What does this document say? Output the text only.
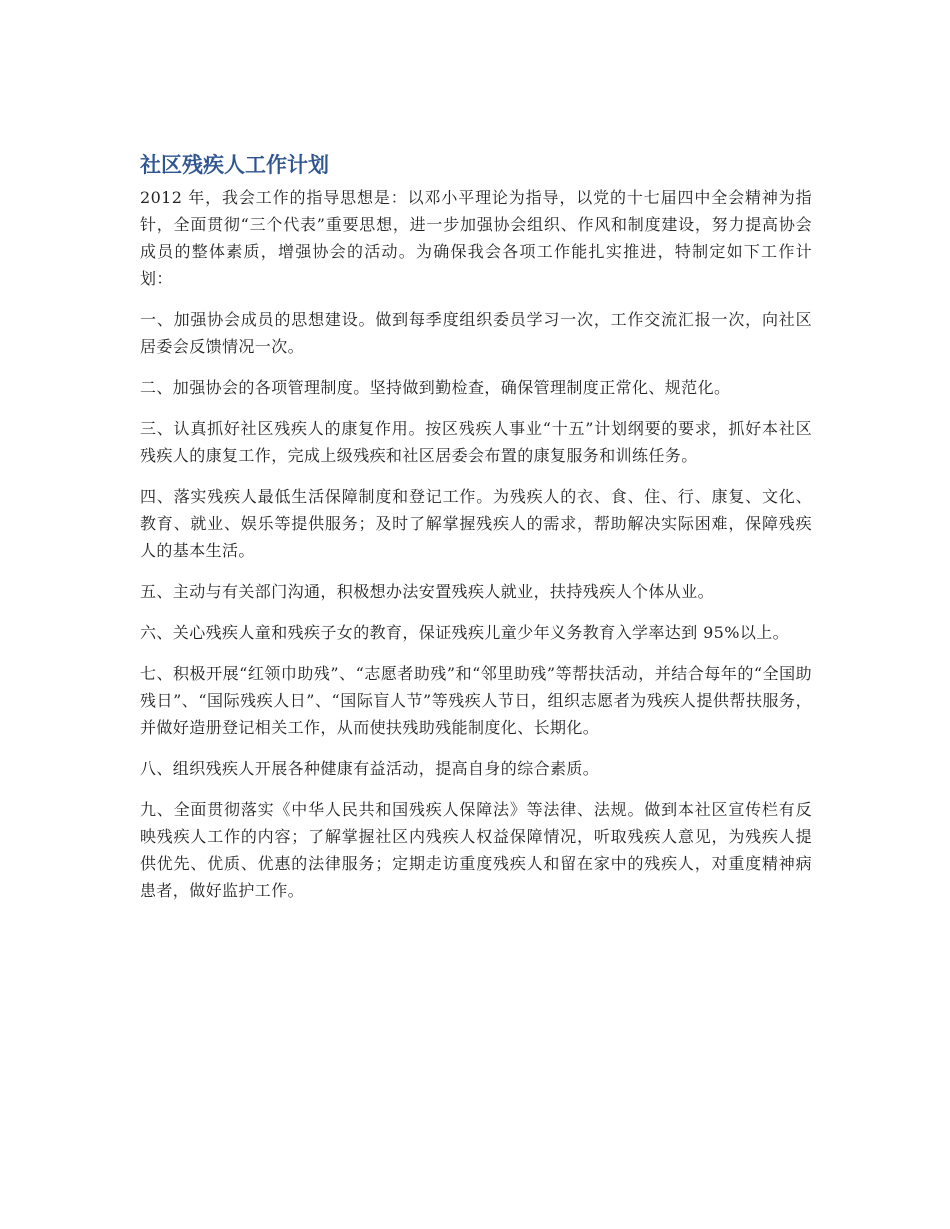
社区残疾人工作计划

2012 年，我会工作的指导思想是：以邓小平理论为指导，以党的十七届四中全会精神为指针，全面贯彻“三个代表”重要思想，进一步加强协会组织、作风和制度建设，努力提高协会成员的整体素质，增强协会的活动。为确保我会各项工作能扎实推进，特制定如下工作计划：

一、加强协会成员的思想建设。做到每季度组织委员学习一次，工作交流汇报一次，向社区居委会反馈情况一次。

二、加强协会的各项管理制度。坚持做到勤检查，确保管理制度正常化、规范化。

三、认真抓好社区残疾人的康复作用。按区残疾人事业“十五”计划纲要的要求，抓好本社区残疾人的康复工作，完成上级残疾和社区居委会布置的康复服务和训练任务。

四、落实残疾人最低生活保障制度和登记工作。为残疾人的衣、食、住、行、康复、文化、教育、就业、娱乐等提供服务；及时了解掌握残疾人的需求，帮助解决实际困难，保障残疾人的基本生活。

五、主动与有关部门沟通，积极想办法安置残疾人就业，扶持残疾人个体从业。

六、关心残疾人童和残疾子女的教育，保证残疾儿童少年义务教育入学率达到 95%以上。

七、积极开展“红领巾助残”、“志愿者助残”和“邻里助残”等帮扶活动，并结合每年的“全国助残日”、“国际残疾人日”、“国际盲人节”等残疾人节日，组织志愿者为残疾人提供帮扶服务，并做好造册登记相关工作，从而使扶残助残能制度化、长期化。

八、组织残疾人开展各种健康有益活动，提高自身的综合素质。

九、全面贯彻落实《中华人民共和国残疾人保障法》等法律、法规。做到本社区宣传栏有反映残疾人工作的内容；了解掌握社区内残疾人权益保障情况，听取残疾人意见，为残疾人提供优先、优质、优惠的法律服务；定期走访重度残疾人和留在家中的残疾人，对重度精神病患者，做好监护工作。
